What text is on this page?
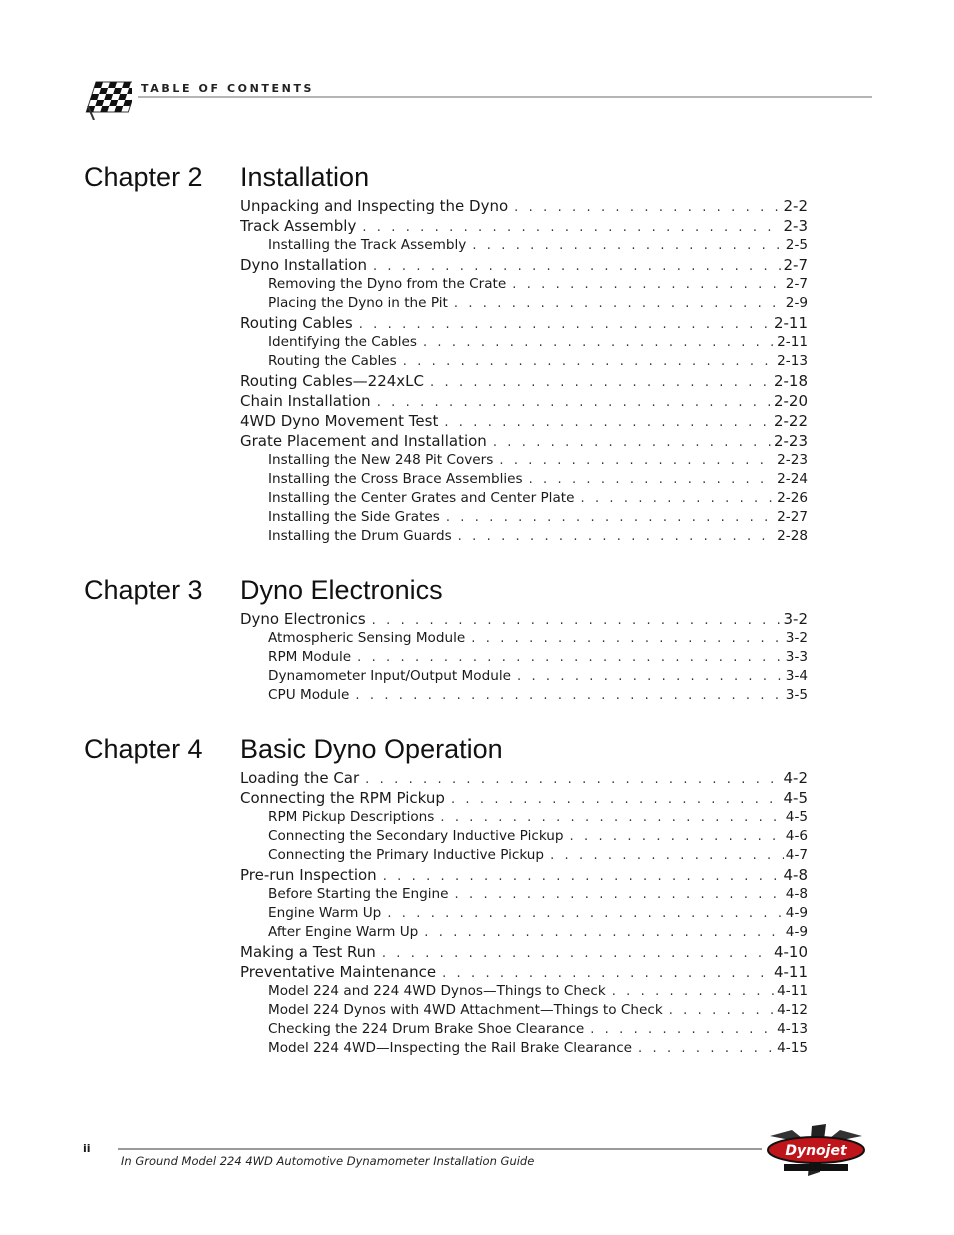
TABLE OF CONTENTS
Chapter 2 Installation
Unpacking and Inspecting the Dyno . . .	2-2
Track Assembly . . .	2-3
Installing the Track Assembly . . .	2-5
Dyno Installation . . .	2-7
Removing the Dyno from the Crate . . .	2-7
Placing the Dyno in the Pit . . .	2-9
Routing Cables . . .	2-11
Identifying the Cables . . .	2-11
Routing the Cables . . .	2-13
Routing Cables—224xLC . . .	2-18
Chain Installation . . .	2-20
4WD Dyno Movement Test . . .	2-22
Grate Placement and Installation . . .	2-23
Installing the New 248 Pit Covers . . .	2-23
Installing the Cross Brace Assemblies . . .	2-24
Installing the Center Grates and Center Plate . . .	2-26
Installing the Side Grates . . .	2-27
Installing the Drum Guards . . .	2-28
Chapter 3 Dyno Electronics
Dyno Electronics . . .	3-2
Atmospheric Sensing Module . . .	3-2
RPM Module . . .	3-3
Dynamometer Input/Output Module . . .	3-4
CPU Module . . .	3-5
Chapter 4 Basic Dyno Operation
Loading the Car . . .	4-2
Connecting the RPM Pickup . . .	4-5
RPM Pickup Descriptions . . .	4-5
Connecting the Secondary Inductive Pickup . . .	4-6
Connecting the Primary Inductive Pickup . . .	4-7
Pre-run Inspection . . .	4-8
Before Starting the Engine . . .	4-8
Engine Warm Up . . .	4-9
After Engine Warm Up . . .	4-9
Making a Test Run . . .	4-10
Preventative Maintenance . . .	4-11
Model 224 and 224 4WD Dynos—Things to Check . . .	4-11
Model 224 Dynos with 4WD Attachment—Things to Check . . .	4-12
Checking the 224 Drum Brake Shoe Clearance . . .	4-13
Model 224 4WD—Inspecting the Rail Brake Clearance . . .	4-15
ii
In Ground Model 224 4WD Automotive Dynamometer Installation Guide
Dynojet
